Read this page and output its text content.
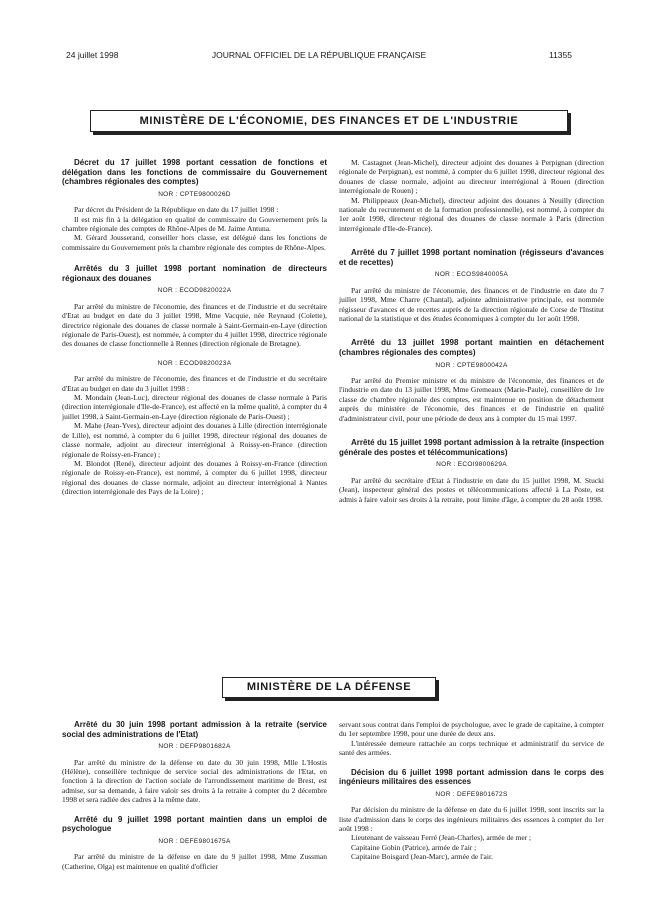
24 juillet 1998	JOURNAL OFFICIEL DE LA RÉPUBLIQUE FRANÇAISE	11355
MINISTÈRE DE L'ÉCONOMIE, DES FINANCES ET DE L'INDUSTRIE

Décret du 17 juillet 1998 portant cessation de fonctions et délégation dans les fonctions de commissaire du Gouvernement (chambres régionales des comptes)

NOR : CPTE9800026D

Par décret du Président de la République en date du 17 juillet 1998 :

Il est mis fin à la délégation en qualité de commissaire du Gouvernement près la chambre régionale des comptes de Rhône-Alpes de M. Jaime Antuna.

M. Gérard Jousserand, conseiller hors classe, est délégué dans les fonctions de commissaire du Gouvernement près la chambre régionale des comptes de Rhône-Alpes.

Arrêtés du 3 juillet 1998 portant nomination de directeurs régionaux des douanes

NOR : ECOD9820022A

Par arrêté du ministre de l'économie, des finances et de l'industrie et du secrétaire d'Etat au budget en date du 3 juillet 1998, Mme Vacquie, née Reynaud (Colette), directrice régionale des douanes de classe normale à Saint-Germain-en-Laye (direction régionale de Paris-Ouest), est nommée, à compter du 4 juillet 1998, directrice régionale des douanes de classe fonctionnelle à Rennes (direction régionale de Bretagne).

NOR : ECOD9820023A

Par arrêté du ministre de l'économie, des finances et de l'industrie et du secrétaire d'Etat au budget en date du 3 juillet 1998 :

M. Mondain (Jean-Luc), directeur régional des douanes de classe normale à Paris (direction interrégionale d'Ile-de-France), est affecté en la même qualité, à compter du 4 juillet 1998, à Saint-Germain-en-Laye (direction régionale de Paris-Ouest) ;

M. Mahe (Jean-Yves), directeur adjoint des douanes à Lille (direction interrégionale de Lille), est nommé, à compter du 6 juillet 1998, directeur régional des douanes de classe normale, adjoint au directeur interrégional à Roissy-en-France (direction régionale de Roissy-en-France) ;

M. Blondot (René), directeur adjoint des douanes à Roissy-en-France (direction régionale de Roissy-en-France), est nommé, à compter du 6 juillet 1998, directeur régional des douanes de classe normale, adjoint au directeur interrégional à Nantes (direction interrégionale des Pays de la Loire) ;

M. Castagnet (Jean-Michel), directeur adjoint des douanes à Perpignan (direction régionale de Perpignan), est nommé, à compter du 6 juillet 1998, directeur régional des douanes de classe normale, adjoint au directeur interrégional à Rouen (direction interrégionale de Rouen) ;

M. Philippeaux (Jean-Michel), directeur adjoint des douanes à Neuilly (direction nationale du recrutement et de la formation professionnelle), est nommé, à compter du 1er août 1998, directeur régional des douanes de classe normale à Paris (direction interrégionale d'Ile-de-France).

Arrêté du 7 juillet 1998 portant nomination (régisseurs d'avances et de recettes)

NOR : ECOS9840005A

Par arrêté du ministre de l'économie, des finances et de l'industrie en date du 7 juillet 1998, Mme Charre (Chantal), adjointe administrative principale, est nommée régisseur d'avances et de recettes auprès de la direction régionale de Corse de l'Institut national de la statistique et des études économiques à compter du 1er août 1998.

Arrêté du 13 juillet 1998 portant maintien en détachement (chambres régionales des comptes)

NOR : CPTE9800042A

Par arrêté du Premier ministre et du ministre de l'économie, des finances et de l'industrie en date du 13 juillet 1998, Mme Gremeaux (Marie-Paule), conseillère de 1re classe de chambre régionale des comptes, est maintenue en position de détachement auprès du ministère de l'économie, des finances et de l'industrie en qualité d'administrateur civil, pour une période de deux ans à compter du 15 mai 1997.

Arrêté du 15 juillet 1998 portant admission à la retraite (inspection générale des postes et télécommunications)

NOR : ECOI9800629A

Par arrêté du secrétaire d'Etat à l'industrie en date du 15 juillet 1998, M. Stucki (Jean), inspecteur général des postes et télécommunications affecté à La Poste, est admis à faire valoir ses droits à la retraite, pour limite d'âge, à compter du 28 août 1998.

MINISTÈRE DE LA DÉFENSE

Arrêté du 30 juin 1998 portant admission à la retraite (service social des administrations de l'Etat)

NOR : DEFP9801682A

Par arrêté du ministre de la défense en date du 30 juin 1998, Mlle L'Hostis (Hélène), conseillère technique de service social des administrations de l'Etat, en fonction à la direction de l'action sociale de l'arrondissement maritime de Brest, est admise, sur sa demande, à faire valoir ses droits à la retraite à compter du 2 décembre 1998 et sera radiée des cadres à la même date.

Arrêté du 9 juillet 1998 portant maintien dans un emploi de psychologue

NOR : DEFE9801675A

Par arrêté du ministre de la défense en date du 9 juillet 1998, Mme Zussman (Catherine, Olga) est maintenue en qualité d'officier

servant sous contrat dans l'emploi de psychologue, avec le grade de capitaine, à compter du 1er septembre 1998, pour une durée de deux ans.

L'intéressée demeure rattachée au corps technique et administratif du service de santé des armées.

Décision du 6 juillet 1998 portant admission dans le corps des ingénieurs militaires des essences

NOR : DEFE9801672S

Par décision du ministre de la défense en date du 6 juillet 1998, sont inscrits sur la liste d'admission dans le corps des ingénieurs militaires des essences à compter du 1er août 1998 :

Lieutenant de vaisseau Ferré (Jean-Charles), armée de mer ;

Capitaine Gobin (Patrice), armée de l'air ;

Capitaine Boisgard (Jean-Marc), armée de l'air.
